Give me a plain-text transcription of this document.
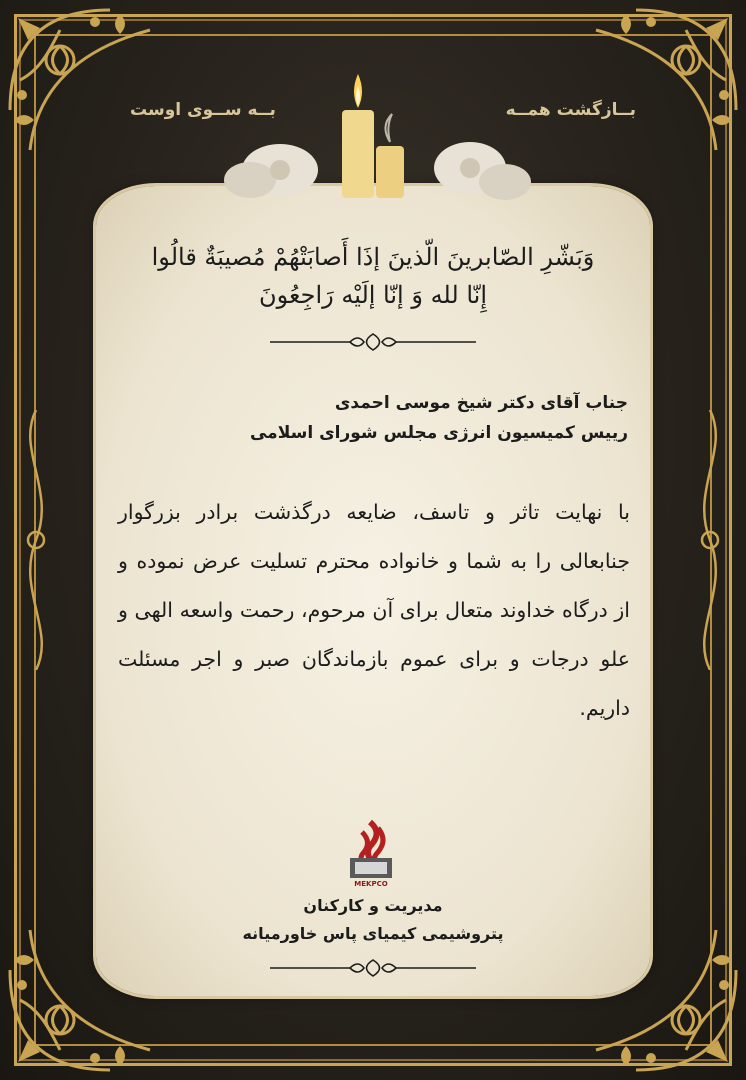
بــازگشت همــه
بــه ســوی اوست
وَبَشّرِ الصّابرینَ الّذینَ إذَا أَصابَتْهُمْ مُصیبَةٌ قالُوا
إِنّا لله وَ إنّا إلَیْه رَاجِعُونَ
جناب آقای دکتر شیخ موسی احمدی
رییس کمیسیون انرژی مجلس شورای اسلامی
با نهایت تاثر و تاسف، ضایعه درگذشت برادر بزرگوار جنابعالی را به شما و خانواده محترم تسلیت عرض نموده و از درگاه خداوند متعال برای آن مرحوم، رحمت واسعه الهی و علو درجات و برای عموم بازماندگان صبر و اجر مسئلت داریم.
MEKPCO
مدیریت و کارکنان
پتروشیمی کیمیای پاس خاورمیانه
